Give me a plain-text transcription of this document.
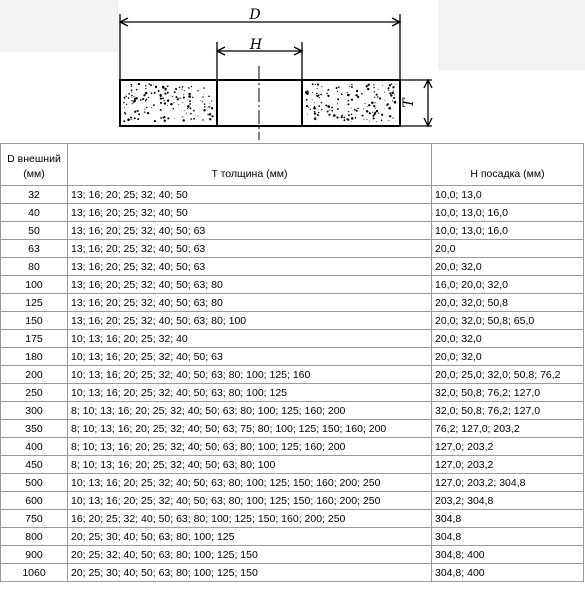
D
H
T
D внешний
(мм)	T толщина (мм)	H посадка (мм)
32	13; 16; 20; 25; 32; 40; 50	10,0; 13,0
40	13; 16; 20; 25; 32; 40; 50	10,0; 13,0; 16,0
50	13; 16; 20; 25; 32; 40; 50; 63	10,0; 13,0; 16,0
63	13; 16; 20; 25; 32; 40; 50; 63	20,0
80	13; 16; 20; 25; 32; 40; 50; 63	20,0; 32,0
100	13; 16; 20; 25; 32; 40; 50; 63; 80	16,0; 20,0; 32,0
125	13; 16; 20; 25; 32; 40; 50; 63; 80	20,0; 32,0; 50,8
150	13; 16; 20; 25; 32; 40; 50; 63; 80; 100	20,0; 32,0; 50,8; 65,0
175	10; 13; 16; 20; 25; 32; 40	20,0; 32,0
180	10; 13; 16; 20; 25; 32; 40; 50; 63	20,0; 32,0
200	10; 13; 16; 20; 25; 32; 40; 50; 63; 80; 100; 125; 160	20,0; 25,0; 32,0; 50,8; 76,2
250	10; 13; 16; 20; 25; 32; 40; 50; 63; 80; 100; 125	32,0; 50,8; 76,2; 127,0
300	8; 10; 13; 16; 20; 25; 32; 40; 50; 63; 80; 100; 125; 160; 200	32,0; 50,8; 76,2; 127,0
350	8; 10; 13; 16; 20; 25; 32; 40; 50; 63; 75; 80; 100; 125; 150; 160; 200	76,2; 127,0; 203,2
400	8; 10; 13; 16; 20; 25; 32; 40; 50; 63; 80; 100; 125; 160; 200	127,0; 203,2
450	8; 10; 13; 16; 20; 25; 32; 40; 50; 63; 80; 100	127,0; 203,2
500	10; 13; 16; 20; 25; 32; 40; 50; 63; 80; 100; 125; 150; 160; 200; 250	127,0; 203,2; 304,8
600	10; 13; 16; 20; 25; 32; 40; 50; 63; 80; 100; 125; 150; 160; 200; 250	203,2; 304,8
750	16; 20; 25; 32; 40; 50; 63; 80; 100; 125; 150; 160; 200; 250	304,8
800	20; 25; 30; 40; 50; 63; 80; 100; 125	304,8
900	20; 25; 32; 40; 50; 63; 80; 100; 125; 150	304,8; 400
1060	20; 25; 30; 40; 50; 63; 80; 100; 125; 150	304,8; 400
